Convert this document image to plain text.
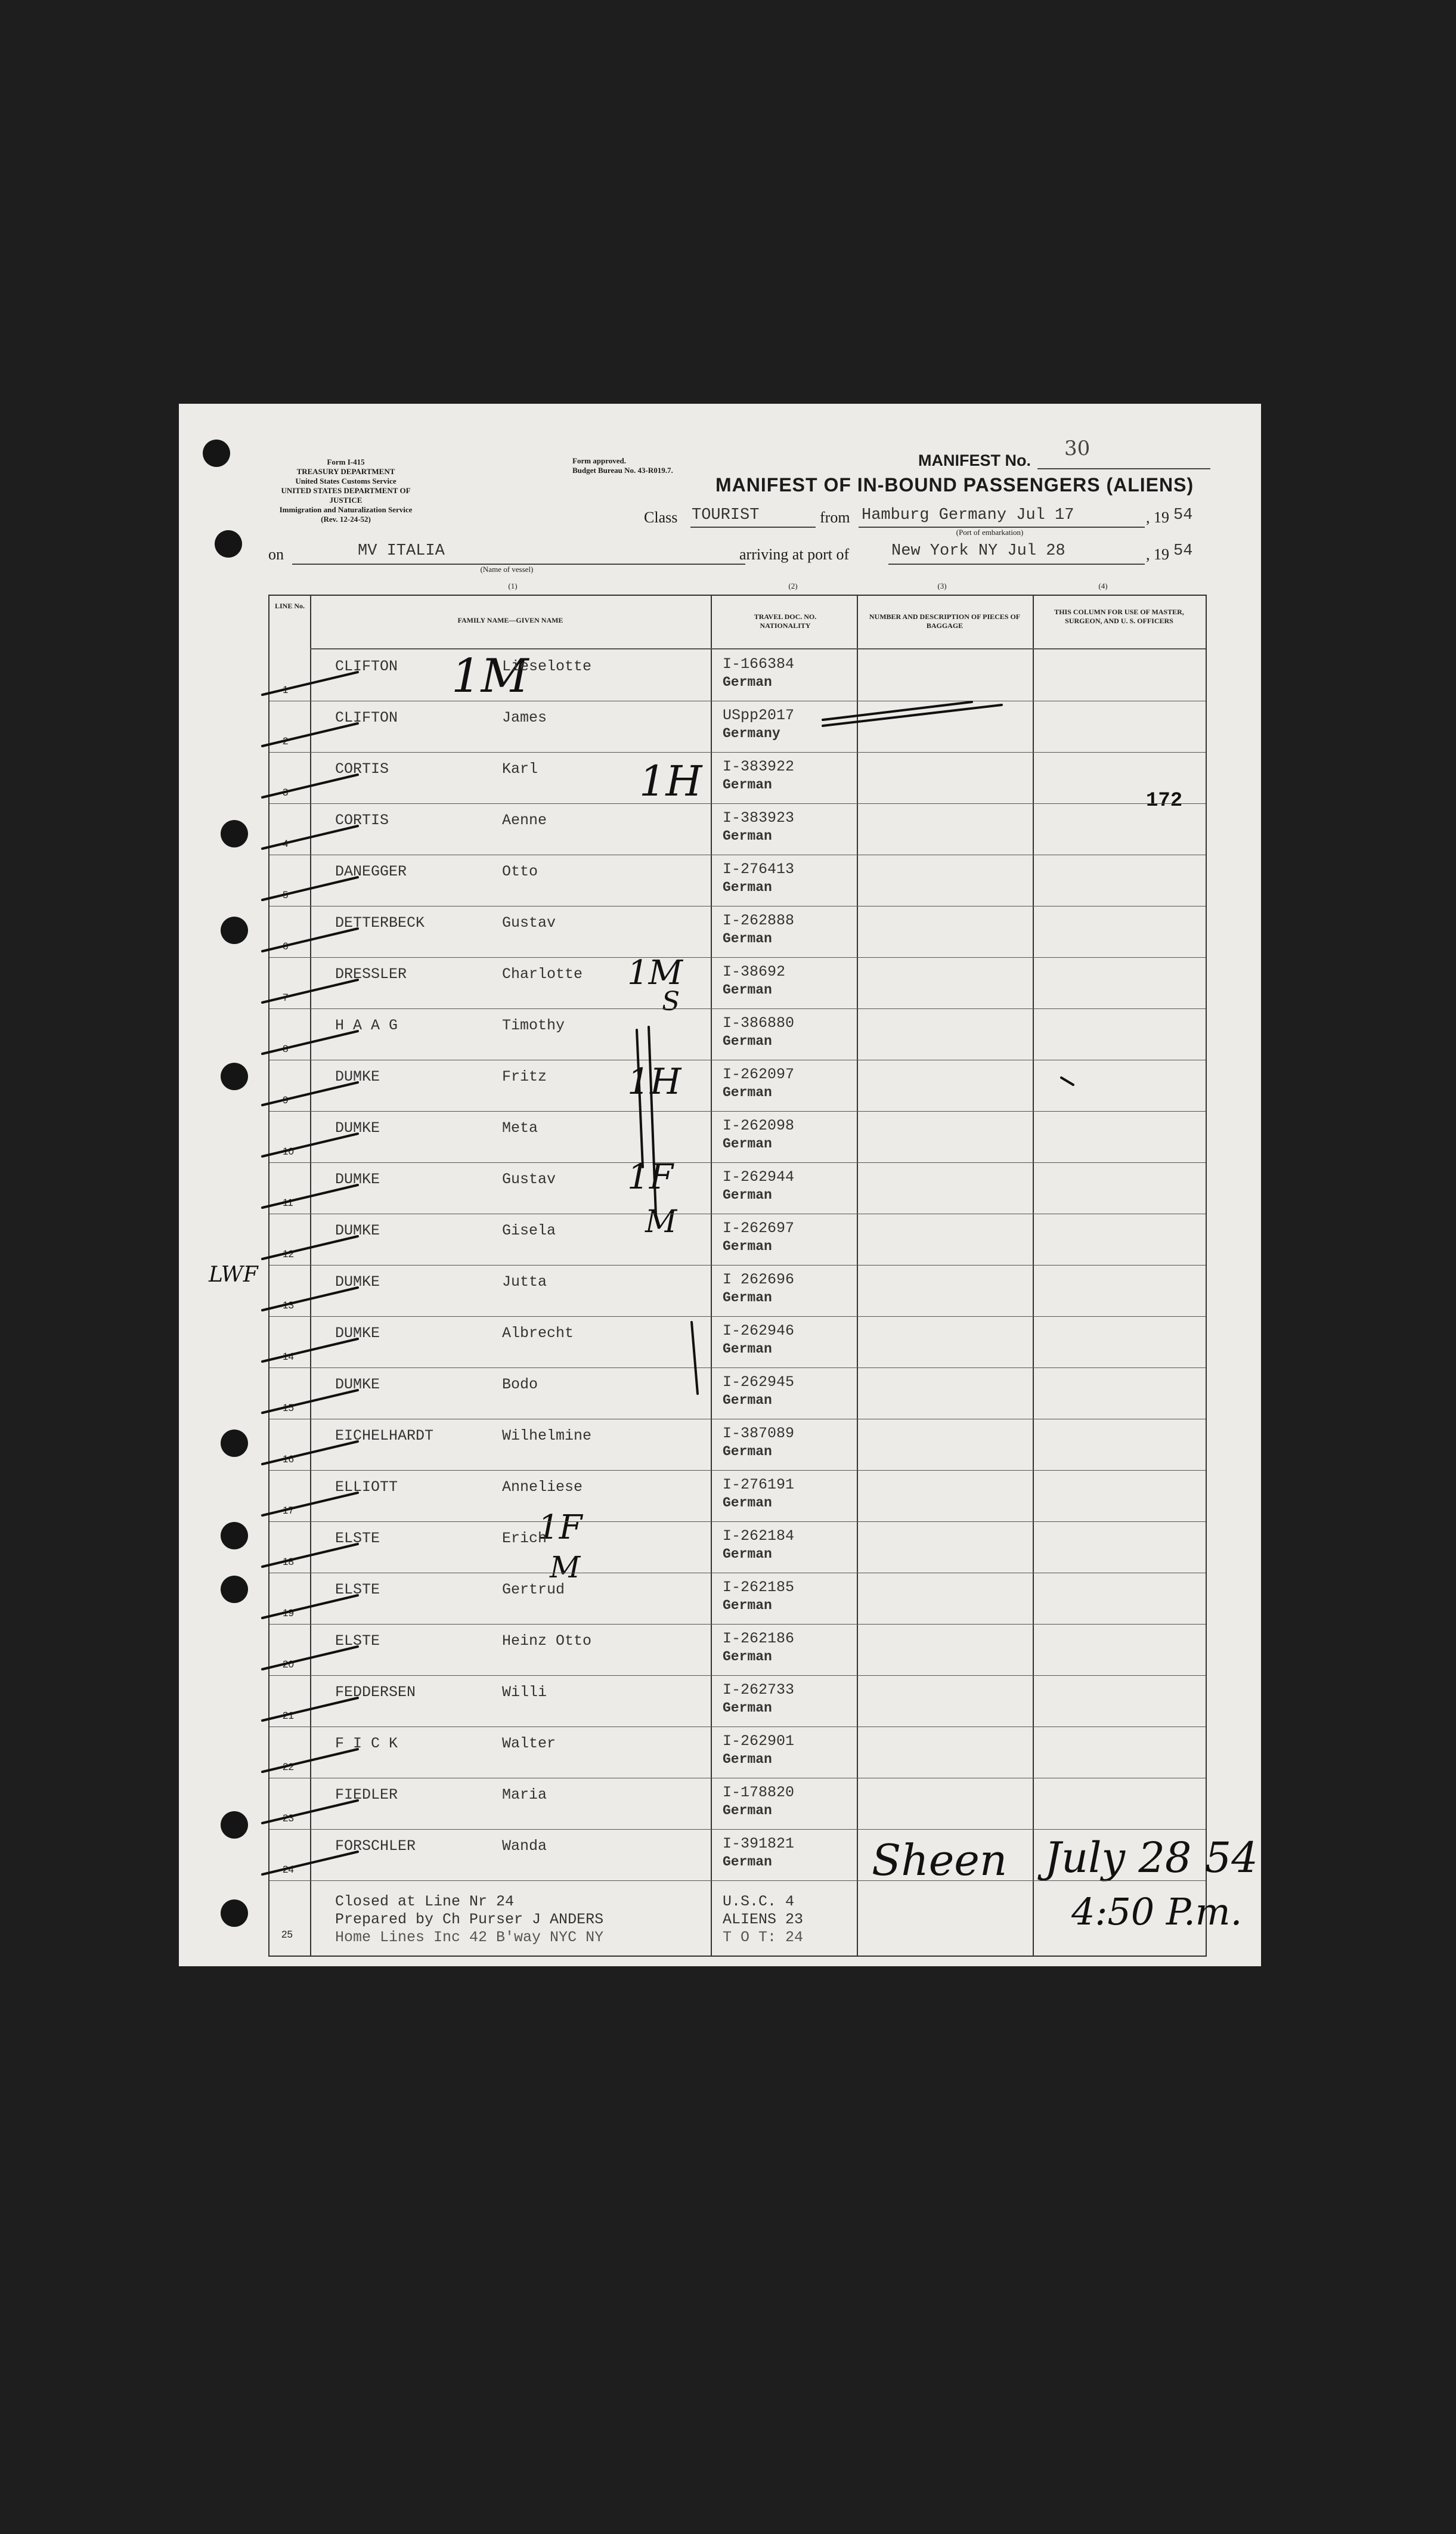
Form I-415
TREASURY DEPARTMENT
United States Customs Service
UNITED STATES DEPARTMENT OF JUSTICE
Immigration and Naturalization Service
(Rev. 12-24-52)
Form approved.
Budget Bureau No. 43-R019.7.
MANIFEST No. 30
MANIFEST OF IN-BOUND PASSENGERS (ALIENS)
Class TOURIST	from Hamburg Germany Jul 17	, 19 54
(Port of embarkation)
on	MV ITALIA
(Name of vessel)
arriving at port of	New York NY Jul 28	, 19 54
(1)	(2)	(3)	(4)
LINE No.
FAMILY NAME—GIVEN NAME	TRAVEL DOC. NO. NATIONALITY
NUMBER AND DESCRIPTION OF PIECES OF BAGGAGE
THIS COLUMN FOR USE OF MASTER, SURGEON, AND U. S. OFFICERS
25
Closed at Line Nr 24
Prepared by Ch Purser J ANDERS
Home Lines Inc 42 B'way NYC NY
U.S.C. 4
ALIENS 23
T O T: 24
172
1M
1H
1M
S
1H
1F
M
1F
M
Sheen July 28 54
4:50 P.m.
1
CLIFTON	Lieselotte	I-166384
German
2
CLIFTON	James	USpp2017
Germany
3
CORTIS	Karl	I-383922
German
4
CORTIS	Aenne	I-383923
German
5
DANEGGER	Otto	I-276413
German
6
DETTERBECK	Gustav	I-262888
German
7
DRESSLER	Charlotte	I-38692
German
8
H A A G	Timothy	I-386880
German
9
DUMKE	Fritz	I-262097
German
10
DUMKE	Meta	I-262098
German
11
DUMKE	Gustav	I-262944
German
12
DUMKE	Gisela	I-262697
German
13
DUMKE	Jutta	I 262696
German
14
DUMKE	Albrecht	I-262946
German
15
DUMKE	Bodo	I-262945
German
16
EICHELHARDT	Wilhelmine	I-387089
German
17
ELLIOTT	Anneliese	I-276191
German
18
ELSTE	Erich	I-262184
German
19
ELSTE	Gertrud	I-262185
German
20
ELSTE	Heinz Otto	I-262186
German
21
FEDDERSEN	Willi	I-262733
German
22
F I C K	Walter	I-262901
German
23
FIEDLER	Maria	I-178820
German
24
FORSCHLER	Wanda	I-391821
German
LWF
